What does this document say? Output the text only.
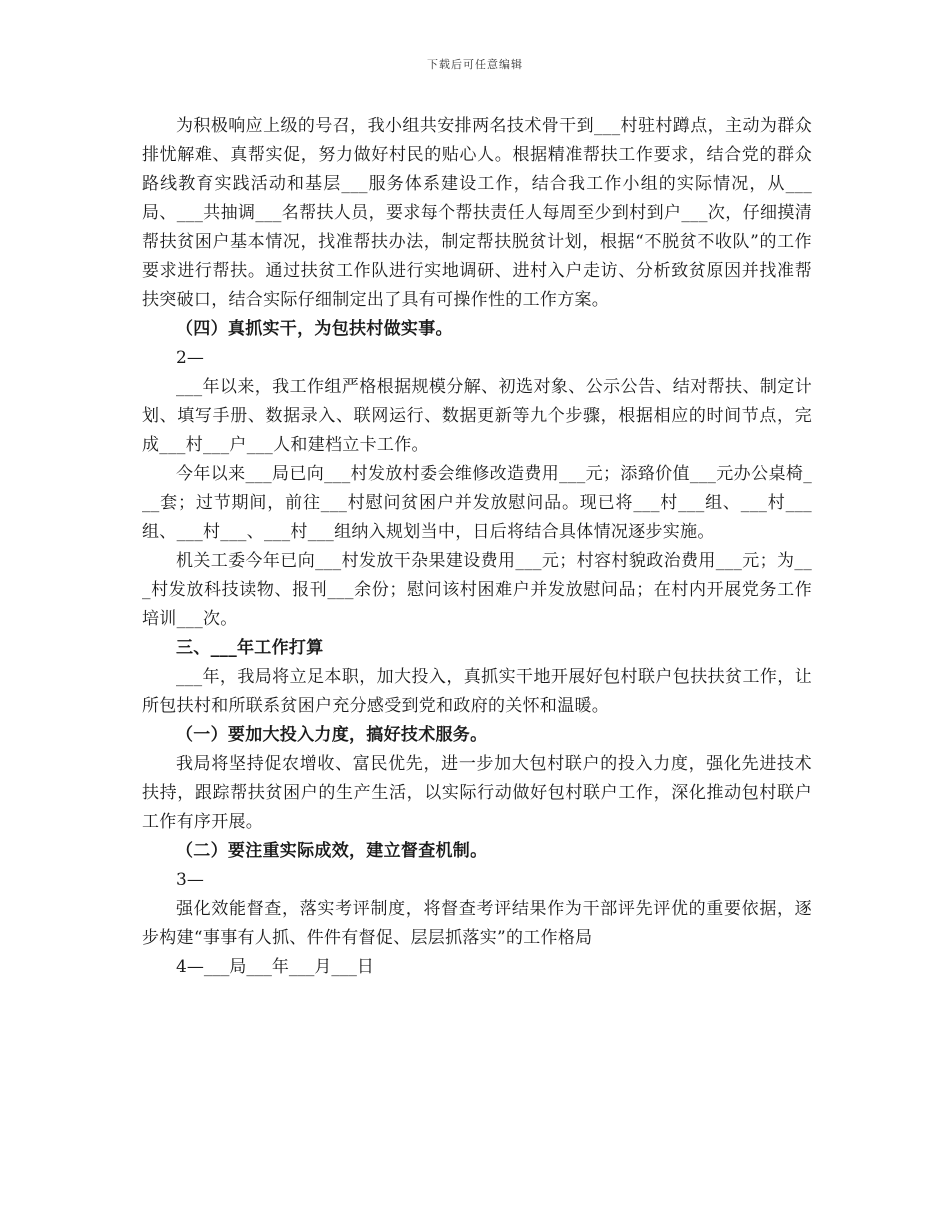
下载后可任意编辑

为积极响应上级的号召，我小组共安排两名技术骨干到___村驻村蹲点，主动为群众排忧解难、真帮实促，努力做好村民的贴心人。根据精准帮扶工作要求，结合党的群众路线教育实践活动和基层___服务体系建设工作，结合我工作小组的实际情况，从___局、___共抽调___名帮扶人员，要求每个帮扶责任人每周至少到村到户___次，仔细摸清帮扶贫困户基本情况，找准帮扶办法，制定帮扶脱贫计划，根据“不脱贫不收队”的工作要求进行帮扶。通过扶贫工作队进行实地调研、进村入户走访、分析致贫原因并找准帮扶突破口，结合实际仔细制定出了具有可操作性的工作方案。

（四）真抓实干，为包扶村做实事。

2—

___年以来，我工作组严格根据规模分解、初选对象、公示公告、结对帮扶、制定计划、填写手册、数据录入、联网运行、数据更新等九个步骤，根据相应的时间节点，完成___村___户___人和建档立卡工作。

今年以来___局已向___村发放村委会维修改造费用___元；添臵价值___元办公桌椅___套；过节期间，前往___村慰问贫困户并发放慰问品。现已将___村___组、___村___组、___村___、___村___组纳入规划当中，日后将结合具体情况逐步实施。

机关工委今年已向___村发放干杂果建设费用___元；村容村貌政治费用___元；为___村发放科技读物、报刊___余份；慰问该村困难户并发放慰问品；在村内开展党务工作培训___次。

三、___年工作打算

___年，我局将立足本职，加大投入，真抓实干地开展好包村联户包扶扶贫工作，让所包扶村和所联系贫困户充分感受到党和政府的关怀和温暖。

（一）要加大投入力度，搞好技术服务。

我局将坚持促农增收、富民优先，进一步加大包村联户的投入力度，强化先进技术扶持，跟踪帮扶贫困户的生产生活，以实际行动做好包村联户工作，深化推动包村联户工作有序开展。

（二）要注重实际成效，建立督查机制。

3—

强化效能督查，落实考评制度，将督查考评结果作为干部评先评优的重要依据，逐步构建“事事有人抓、件件有督促、层层抓落实”的工作格局

4—___局___年___月___日
